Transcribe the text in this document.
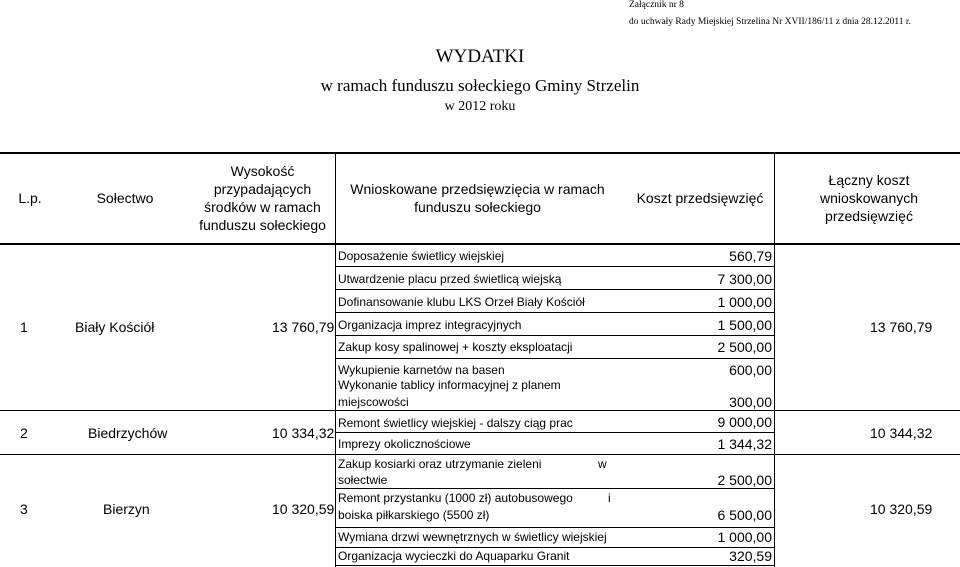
Załącznik nr 8
do uchwały Rady Miejskiej Strzelina Nr XVII/186/11 z dnia 28.12.2011 r.
WYDATKI
w ramach funduszu sołeckiego Gminy Strzelin
w 2012 roku
L.p.	Sołectwo
Wysokość przypadających środków w ramach funduszu sołeckiego
Wnioskowane przedsięwzięcia w ramach funduszu sołeckiego
Koszt przedsięwzięć
Łączny koszt wnioskowanych przedsięwzięć
1	Biały Kościół	13 760,79	13 760,79
Doposażenie świetlicy wiejskiej	560,79
Utwardzenie placu przed świetlicą wiejską	7 300,00
Dofinansowanie klubu LKS Orzeł Biały Kościół	1 000,00
Organizacja imprez integracyjnych	1 500,00
Zakup kosy spalinowej + koszty eksploatacji	2 500,00
Wykupienie karnetów na basen	600,00
Wykonanie tablicy informacyjnej z planem
miejscowości	300,00
2	Biedrzychów	10 334,32	10 344,32
Remont świetlicy wiejskiej - dalszy ciąg prac	9 000,00
Imprezy okolicznościowe	1 344,32
3	Bierzyn	10 320,59	10 320,59
Zakup kosiarki oraz utrzymanie zieleni	w
sołectwie	2 500,00
Remont przystanku (1000 zł) autobusowego	i
boiska piłkarskiego (5500 zł)	6 500,00
Wymiana drzwi wewnętrznych w świetlicy wiejskiej	1 000,00
Organizacja wycieczki do Aquaparku Granit	320,59
